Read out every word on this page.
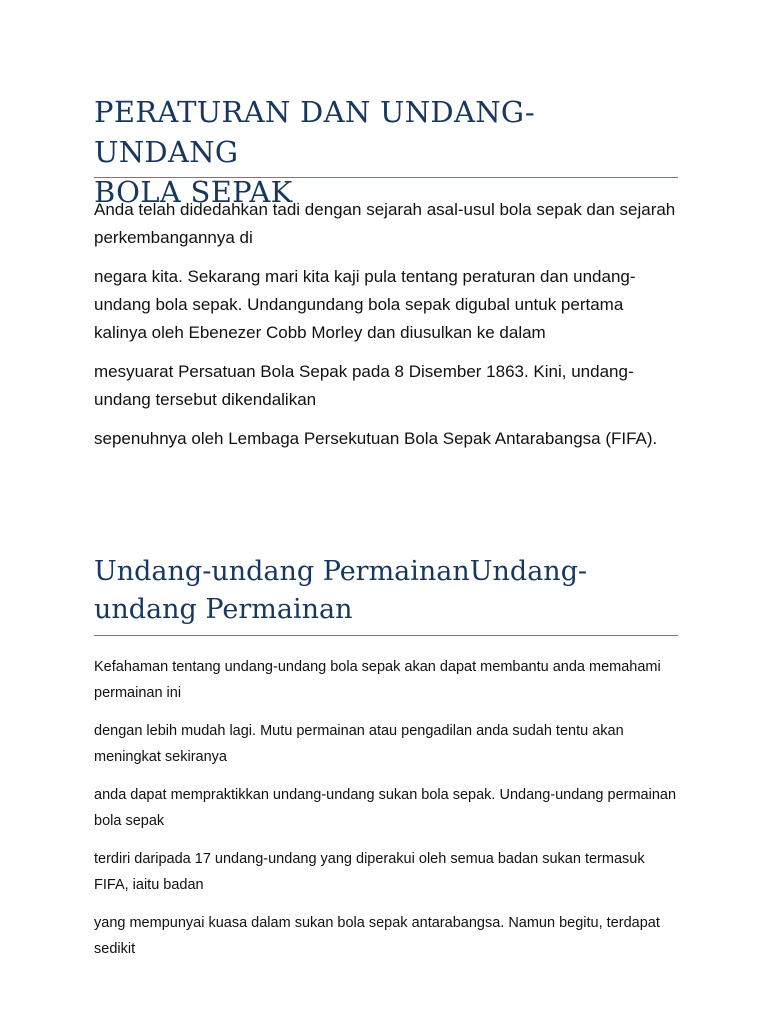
PERATURAN DAN UNDANG-UNDANG
BOLA SEPAK

Anda telah didedahkan tadi dengan sejarah asal-usul bola sepak dan sejarah perkembangannya di

negara kita. Sekarang mari kita kaji pula tentang peraturan dan undang-undang bola sepak. Undangundang bola sepak digubal untuk pertama kalinya oleh Ebenezer Cobb Morley dan diusulkan ke dalam

mesyuarat Persatuan Bola Sepak pada 8 Disember 1863. Kini, undang-undang tersebut dikendalikan

sepenuhnya oleh Lembaga Persekutuan Bola Sepak Antarabangsa (FIFA).

Undang-undang PermainanUndang-
undang Permainan

Kefahaman tentang undang-undang bola sepak akan dapat membantu anda memahami permainan ini

dengan lebih mudah lagi. Mutu permainan atau pengadilan anda sudah tentu akan meningkat sekiranya

anda dapat mempraktikkan undang-undang sukan bola sepak. Undang-undang permainan bola sepak

terdiri daripada 17 undang-undang yang diperakui oleh semua badan sukan termasuk FIFA, iaitu badan

yang mempunyai kuasa dalam sukan bola sepak antarabangsa. Namun begitu, terdapat sedikit
